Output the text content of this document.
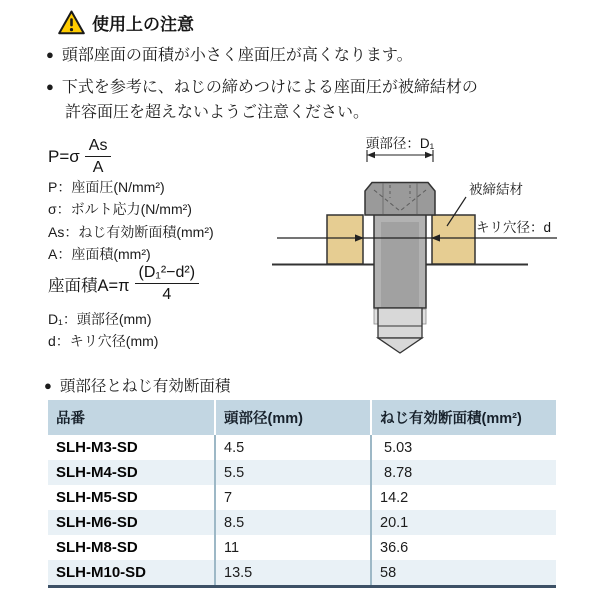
使用上の注意
● 頭部座面の面積が小さく座面圧が高くなります。
● 下式を参考に、ねじの締めつけによる座面圧が被締結材の
許容面圧を超えないようご注意ください。
$P=\sigma \frac{As}{A}$
P：座面圧(N/mm²)
σ：ボルト応力(N/mm²)
As：ねじ有効断面積(mm²)
A：座面積(mm²)
座面積$A=\pi \frac{\text{(D₁²−d²)}}{4}$
D₁：頭部径(mm)
d：キリ穴径(mm)
頭部径：D₁
キリ穴径：d
被締結材
● 頭部径とねじ有効断面積
品番	頭部径(mm)	ねじ有効断面積(mm²)
SLH-M3-SD	4.5	5.03
SLH-M4-SD	5.5	8.78
SLH-M5-SD	7	14.2
SLH-M6-SD	8.5	20.1
SLH-M8-SD	11	36.6
SLH-M10-SD	13.5	58
